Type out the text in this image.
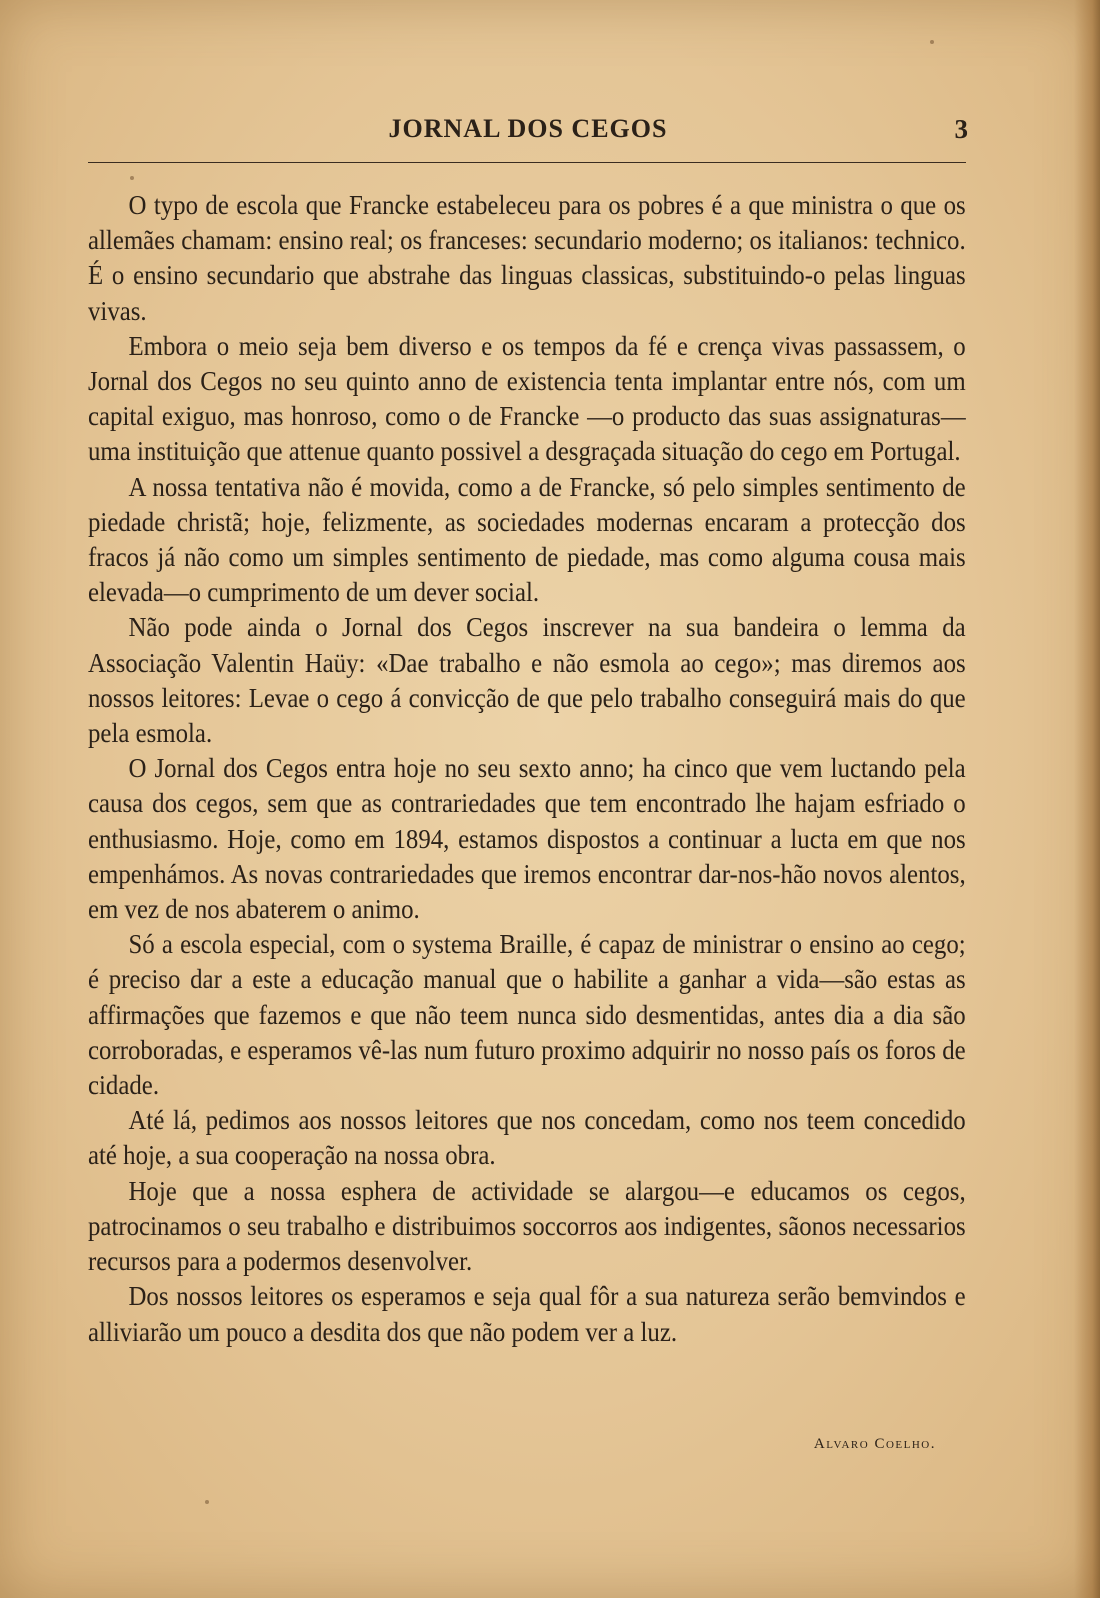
JORNAL DOS CEGOS	3

O typo de escola que Francke estabeleceu para os pobres é a que ministra o que os allemães chamam: ensino real; os franceses: secundario moderno; os italianos: technico. É o ensino secundario que abstrahe das linguas classicas, substituindo-o pelas linguas vivas.

Embora o meio seja bem diverso e os tempos da fé e crença vivas passassem, o Jornal dos Cegos no seu quinto anno de existencia tenta implantar entre nós, com um capital exiguo, mas honroso, como o de Francke —o producto das suas assignaturas— uma instituição que attenue quanto possivel a desgraçada situação do cego em Portugal.

A nossa tentativa não é movida, como a de Francke, só pelo simples sentimento de piedade christã; hoje, felizmente, as sociedades modernas encaram a protecção dos fracos já não como um simples sentimento de piedade, mas como alguma cousa mais elevada—o cumprimento de um dever social.

Não pode ainda o Jornal dos Cegos inscrever na sua bandeira o lemma da Associação Valentin Haüy: «Dae trabalho e não esmola ao cego»; mas diremos aos nossos leitores: Levae o cego á convicção de que pelo trabalho conseguirá mais do que pela esmola.

O Jornal dos Cegos entra hoje no seu sexto anno; ha cinco que vem luctando pela causa dos cegos, sem que as contrariedades que tem encontrado lhe hajam esfriado o enthusiasmo. Hoje, como em 1894, estamos dispostos a continuar a lucta em que nos empenhámos. As novas contrariedades que iremos encontrar dar-nos-hão novos alentos, em vez de nos abaterem o animo.

Só a escola especial, com o systema Braille, é capaz de ministrar o ensino ao cego; é preciso dar a este a educação manual que o habilite a ganhar a vida—são estas as affirmações que fazemos e que não teem nunca sido desmentidas, antes dia a dia são corroboradas, e esperamos vê-las num futuro proximo adquirir no nosso país os foros de cidade.

Até lá, pedimos aos nossos leitores que nos concedam, como nos teem concedido até hoje, a sua cooperação na nossa obra.

Hoje que a nossa esphera de actividade se alargou—e educamos os cegos, patrocinamos o seu trabalho e distribuimos soccorros aos indigentes, sãonos necessarios recursos para a podermos desenvolver.

Dos nossos leitores os esperamos e seja qual fôr a sua natureza serão bemvindos e alliviarão um pouco a desdita dos que não podem ver a luz.

Alvaro Coelho.
